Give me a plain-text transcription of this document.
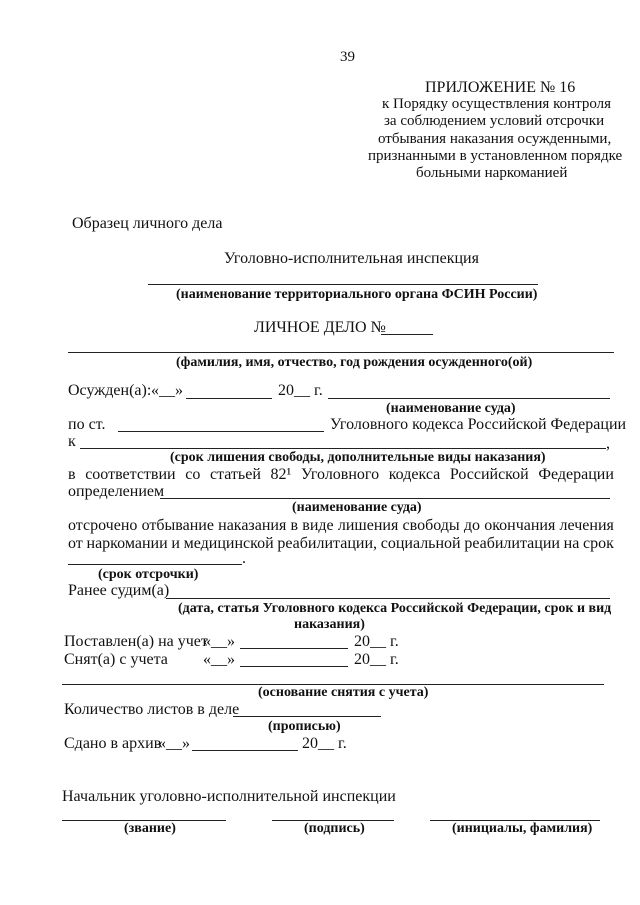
39
ПРИЛОЖЕНИЕ № 16
к Порядку осуществления контроля
за соблюдением условий отсрочки
отбывания наказания осужденными,
признанными в установленном порядке
больными наркоманией
Образец личного дела
Уголовно-исполнительная инспекция
(наименование территориального органа ФСИН России)
ЛИЧНОЕ ДЕЛО №
(фамилия, имя, отчество, год рождения осужденного(ой)
Осужден(а): «__»	20__ г.
(наименование суда)
по ст.	Уголовного кодекса Российской Федерации
к	,
(срок лишения свободы, дополнительные виды наказания)
в соответствии со статьей 82¹ Уголовного кодекса Российской Федерации
определением
(наименование суда)
отсрочено отбывание наказания в виде лишения свободы до окончания лечения
от наркомании и медицинской реабилитации, социальной реабилитации на срок
.
(срок отсрочки)
Ранее судим(а)
(дата, статья Уголовного кодекса Российской Федерации, срок и вид
наказания)
Поставлен(а) на учет
«__»	20__ г.
Снят(а) с учета «__»	20__ г.
(основание снятия с учета)
Количество листов в деле
(прописью)
Сдано в архив
«__»	20__ г.
Начальник уголовно-исполнительной инспекции
(звание)	(подпись)	(инициалы, фамилия)
